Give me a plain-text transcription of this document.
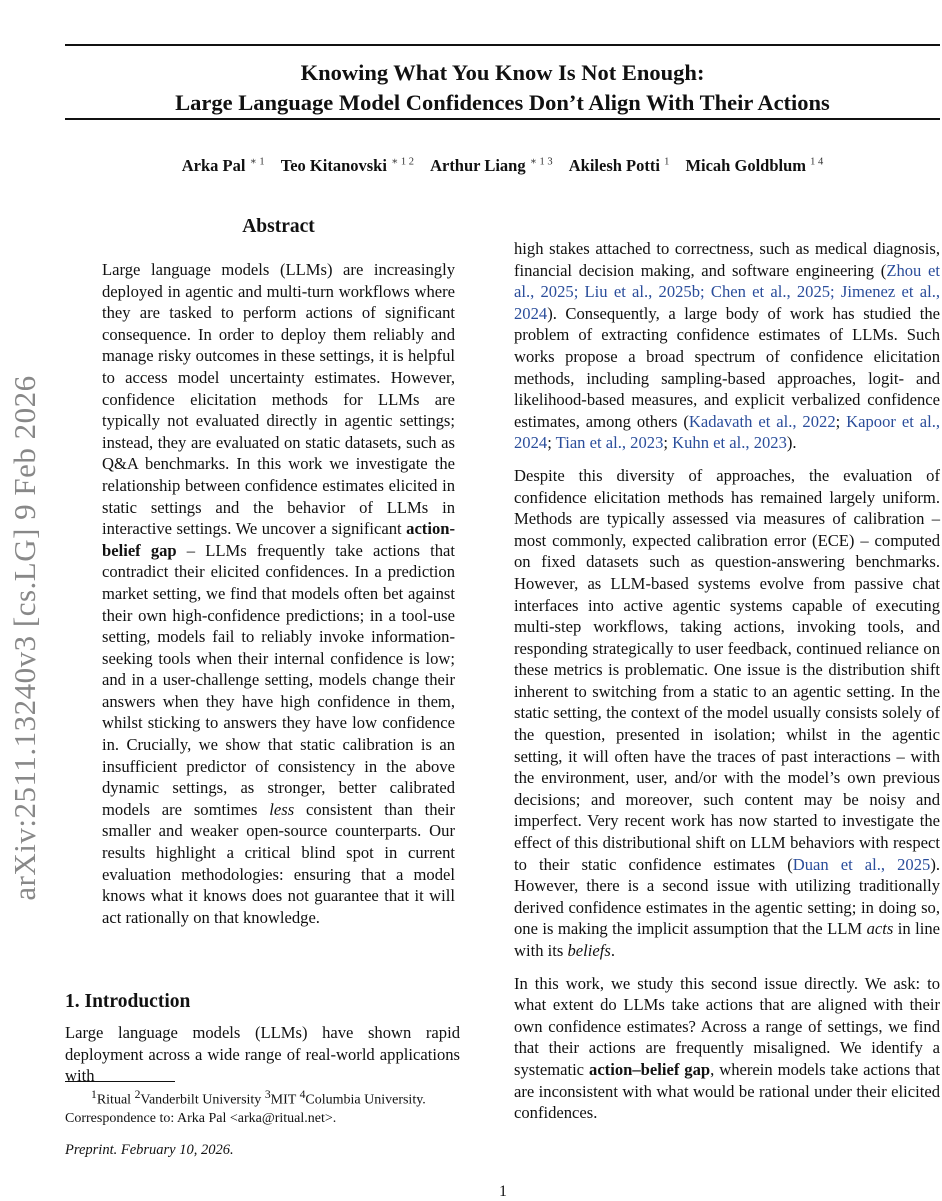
Knowing What You Know Is Not Enough:
Large Language Model Confidences Don’t Align With Their Actions
Arka Pal $^{∗ 1}$ Teo Kitanovski $^{∗ 1 2}$ Arthur Liang $^{∗ 1 3}$ Akilesh Potti $^1$ Micah Goldblum $^{1 4}$
arXiv:2511.13240v3 [cs.LG] 9 Feb 2026
Abstract

Large language models (LLMs) are increasingly deployed in agentic and multi-turn workflows where they are tasked to perform actions of significant consequence. In order to deploy them reliably and manage risky outcomes in these settings, it is helpful to access model uncertainty estimates. However, confidence elicitation methods for LLMs are typically not evaluated directly in agentic settings; instead, they are evaluated on static datasets, such as Q&A benchmarks. In this work we investigate the relationship between confidence estimates elicited in static settings and the behavior of LLMs in interactive settings. We uncover a significant action-belief gap – LLMs frequently take actions that contradict their elicited confidences. In a prediction market setting, we find that models often bet against their own high-confidence predictions; in a tool-use setting, models fail to reliably invoke information-seeking tools when their internal confidence is low; and in a user-challenge setting, models change their answers when they have high confidence in them, whilst sticking to answers they have low confidence in. Crucially, we show that static calibration is an insufficient predictor of consistency in the above dynamic settings, as stronger, better calibrated models are somtimes less consistent than their smaller and weaker open-source counterparts. Our results highlight a critical blind spot in current evaluation methodologies: ensuring that a model knows what it knows does not guarantee that it will act rationally on that knowledge.

1. Introduction

Large language models (LLMs) have shown rapid deployment across a wide range of real-world applications with

$^1$Ritual $^2$Vanderbilt University $^3$MIT $^4$Columbia University.
Correspondence to: Arka Pal <arka@ritual.net>.
Preprint. February 10, 2026.

high stakes attached to correctness, such as medical diagnosis, financial decision making, and software engineering (Zhou et al., 2025; Liu et al., 2025b; Chen et al., 2025; Jimenez et al., 2024). Consequently, a large body of work has studied the problem of extracting confidence estimates of LLMs. Such works propose a broad spectrum of confidence elicitation methods, including sampling-based approaches, logit- and likelihood-based measures, and explicit verbalized confidence estimates, among others (Kadavath et al., 2022; Kapoor et al., 2024; Tian et al., 2023; Kuhn et al., 2023).

Despite this diversity of approaches, the evaluation of confidence elicitation methods has remained largely uniform. Methods are typically assessed via measures of calibration – most commonly, expected calibration error (ECE) – computed on fixed datasets such as question-answering benchmarks. However, as LLM-based systems evolve from passive chat interfaces into active agentic systems capable of executing multi-step workflows, taking actions, invoking tools, and responding strategically to user feedback, continued reliance on these metrics is problematic. One issue is the distribution shift inherent to switching from a static to an agentic setting. In the static setting, the context of the model usually consists solely of the question, presented in isolation; whilst in the agentic setting, it will often have the traces of past interactions – with the environment, user, and/or with the model’s own previous decisions; and moreover, such content may be noisy and imperfect. Very recent work has now started to investigate the effect of this distributional shift on LLM behaviors with respect to their static confidence estimates (Duan et al., 2025). However, there is a second issue with utilizing traditionally derived confidence estimates in the agentic setting; in doing so, one is making the implicit assumption that the LLM acts in line with its beliefs.

In this work, we study this second issue directly. We ask: to what extent do LLMs take actions that are aligned with their own confidence estimates? Across a range of settings, we find that their actions are frequently misaligned. We identify a systematic action–belief gap, wherein models take actions that are inconsistent with what would be rational under their elicited confidences.

1
